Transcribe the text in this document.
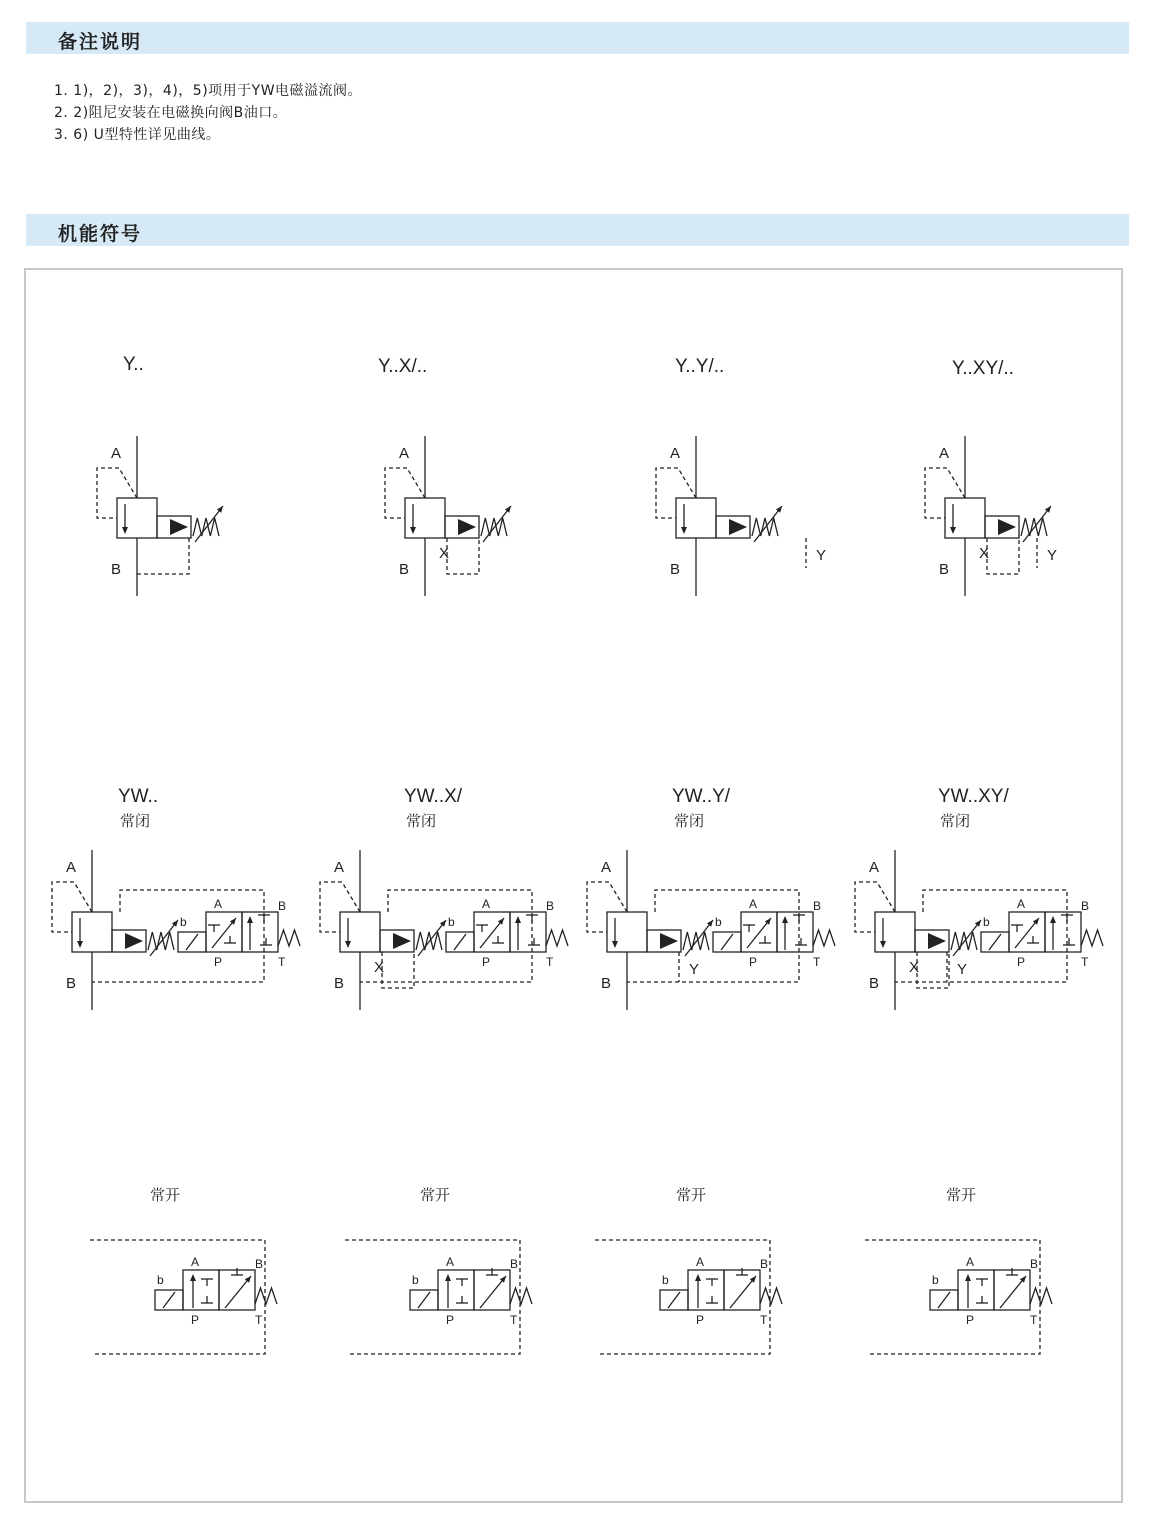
备注说明
1. 1)，2)，3)，4)，5)项用于YW电磁溢流阀。
2. 2)阻尼安装在电磁换向阀B油口。
3. 6) U型特性详见曲线。
机能符号
Y..
A
B
Y..X/..
A
B
X
Y..Y/..
A
B
Y
Y..XY/..
A
B
X	Y
YW..
常闭
A
B
b
A	B
P	T
YW..X/
常闭
A
B
X
b
A	B
P	T
YW..Y/
常闭
A
B
Y
b
A	B
P	T
YW..XY/
常闭
A
B
X	Y
b
A	B
P	T
常开
b
A	B
P	T
常开
b
A	B
P	T
常开
b
A	B
P	T
常开
b
A	B
P	T
